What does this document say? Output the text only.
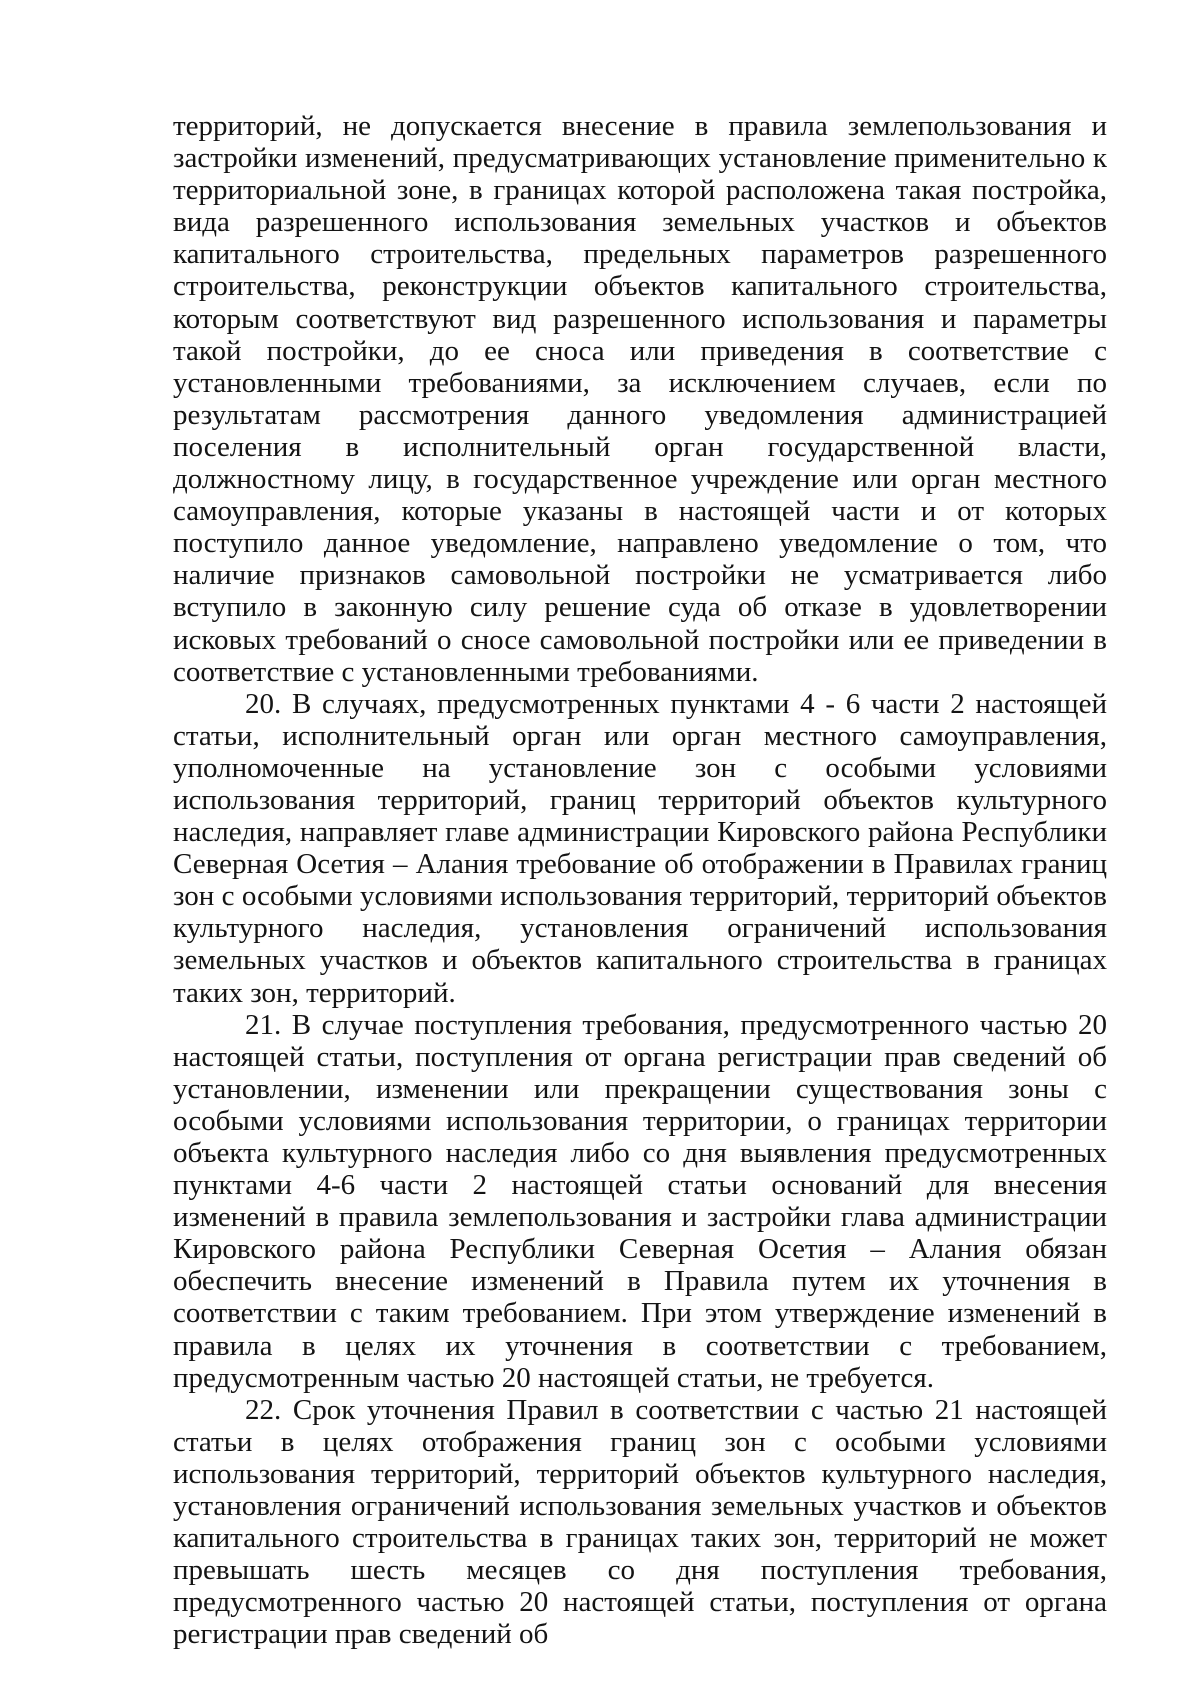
территорий, не допускается внесение в правила землепользования и застройки изменений, предусматривающих установление применительно к территориальной зоне, в границах которой расположена такая постройка, вида разрешенного использования земельных участков и объектов капитального строительства, предельных параметров разрешенного строительства, реконструкции объектов капитального строительства, которым соответствуют вид разрешенного использования и параметры такой постройки, до ее сноса или приведения в соответствие с установленными требованиями, за исключением случаев, если по результатам рассмотрения данного уведомления администрацией поселения в исполнительный орган государственной власти, должностному лицу, в государственное учреждение или орган местного самоуправления, которые указаны в настоящей части и от которых поступило данное уведомление, направлено уведомление о том, что наличие признаков самовольной постройки не усматривается либо вступило в законную силу решение суда об отказе в удовлетворении исковых требований о сносе самовольной постройки или ее приведении в соответствие с установленными требованиями.

20. В случаях, предусмотренных пунктами 4 - 6 части 2 настоящей статьи, исполнительный орган или орган местного самоуправления, уполномоченные на установление зон с особыми условиями использования территорий, границ территорий объектов культурного наследия, направляет главе администрации Кировского района Республики Северная Осетия – Алания требование об отображении в Правилах границ зон с особыми условиями использования территорий, территорий объектов культурного наследия, установления ограничений использования земельных участков и объектов капитального строительства в границах таких зон, территорий.

21. В случае поступления требования, предусмотренного частью 20 настоящей статьи, поступления от органа регистрации прав сведений об установлении, изменении или прекращении существования зоны с особыми условиями использования территории, о границах территории объекта культурного наследия либо со дня выявления предусмотренных пунктами 4-6 части 2 настоящей статьи оснований для внесения изменений в правила землепользования и застройки глава администрации Кировского района Республики Северная Осетия – Алания обязан обеспечить внесение изменений в Правила путем их уточнения в соответствии с таким требованием. При этом утверждение изменений в правила в целях их уточнения в соответствии с требованием, предусмотренным частью 20 настоящей статьи, не требуется.

22. Срок уточнения Правил в соответствии с частью 21 настоящей статьи в целях отображения границ зон с особыми условиями использования территорий, территорий объектов культурного наследия, установления ограничений использования земельных участков и объектов капитального строительства в границах таких зон, территорий не может превышать шесть месяцев со дня поступления требования, предусмотренного частью 20 настоящей статьи, поступления от органа регистрации прав сведений об
